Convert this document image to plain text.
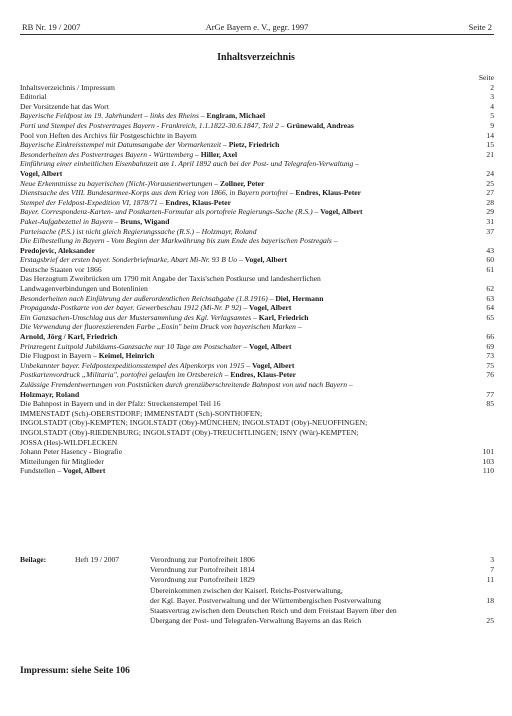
RB Nr. 19 / 2007	ArGe Bayern e. V., gegr. 1997	Seite 2
Inhaltsverzeichnis
Seite
Inhaltsverzeichnis / Impressum	2
Editorial	3
Der Vorsitzende hat das Wort	4
Bayerische Feldpost im 19. Jahrhundert – links des Rheins – Englram, Michael	5
Porti und Stempel des Postvertrages Bayern - Frankreich, 1.1.1822-30.6.1847, Teil 2 – Grünewald, Andreas	9
Pool von Heften des Archivs für Postgeschichte in Bayern	14
Bayerische Einkreisstempel mit Datumsangabe der Vormarkenzeit – Pietz, Friedrich	15
Besonderheiten des Postvertrages Bayern - Württemberg – Hiller, Axel	21
Einführung einer einheitlichen Eisenbahnzeit am 1. April 1892 auch bei der Post- und Telegrafen-Verwaltung –
Vogel, Albert	24
Neue Erkenntnisse zu bayerischen (Nicht-)Vorausentwertungen – Zollner, Peter	25
Dienstsache des VIII. Bundesarmee-Korps aus dem Krieg von 1866, in Bayern portofrei – Endres, Klaus-Peter	27
Stempel der Feldpost-Expedition VI, 1878/71 – Endres, Klaus-Peter	28
Bayer. Correspondenz-Karten- und Postkarten-Formular als portofreie Regierungs-Sache (R.S.) – Vogel, Albert	29
Paket-Aufgabezettel in Bayern – Bruns, Wigand	31
Parteisache (P.S.) ist nicht gleich Regierungssache (R.S.) – Holzmayr, Roland	37
Die Eilbestellung in Bayern - Vom Beginn der Markwährung bis zum Ende des bayerischen Postregals –
Predojevic, Aleksander	43
Erstagsbrief der ersten bayer. Sonderbriefmarke, Abart Mi-Nr. 93 B Uo – Vogel, Albert	60
Deutsche Staaten vor 1866	61
Das Herzogtum Zweibrücken um 1790 mit Angabe der Taxis'schen Postkurse und landesherrlichen
Landwagenverbindungen und Botenlinien	62
Besonderheiten nach Einführung der außerordentlichen Reichsabgabe (1.8.1916) – Diel, Hermann	63
Propaganda-Postkarte von der bayer. Gewerbeschau 1912 (Mi-Nr. P 92) – Vogel, Albert	64
Ein Ganzsachen-Umschlag aus der Mustersammlung des Kgl. Verlagsamtes – Karl, Friedrich	65
Die Verwendung der fluoreszierenden Farbe „Eosin" beim Druck von bayerischen Marken –
Arnold, Jörg / Karl, Friedrich	66
Prinzregent Luitpold Jubiläums-Ganzsache nur 10 Tage am Postschalter – Vogel, Albert	69
Die Flugpost in Bayern – Keimel, Heinrich	73
Unbekannter bayer. Feldpostexpeditionsstempel des Alpenkorps von 1915 – Vogel, Albert	75
Postkartenvordruck „Militaria", portofrei gelaufen im Ortsbereich – Endres, Klaus-Peter	76
Zulässige Fremdentwertungen von Poststücken durch grenzüberschreitende Bahnpost von und nach Bayern –
Holzmayr, Roland	77
Die Bahnpost in Bayern und in der Pfalz: Streckenstempel Teil 16	85
IMMENSTADT (Sch)-OBERSTDORF; IMMENSTADT (Sch)-SONTHOFEN;
INGOLSTADT (Oby)-KEMPTEN; INGOLSTADT (Oby)-MÜNCHEN; INGOLSTADT (Oby)-NEUOFFINGEN;
INGOLSTADT (Oby)-RIEDENBURG; INGOLSTADT (Oby)-TREUCHTLINGEN; ISNY (Wür)-KEMPTEN;
JOSSA (Hes)-WILDFLECKEN
Johann Peter Hasency - Biografie	101
Mitteilungen für Mitglieder	103
Fundstellen – Vogel, Albert	110
Beilage:	Heft 19 / 2007	Verordnung zur Portofreiheit 1806	3
Verordnung zur Portofreiheit 1814	7
Verordnung zur Portofreiheit 1829	11
Übereinkommen zwischen der Kaiserl. Reichs-Postverwaltung,
der Kgl. Bayer. Postverwaltung und der Württembergischen Postverwaltung	18
Staatsvertrag zwischen dem Deutschen Reich und dem Freistaat Bayern über den
Übergang der Post- und Telegrafen-Verwaltung Bayerns an das Reich	25
Impressum: siehe Seite 106
